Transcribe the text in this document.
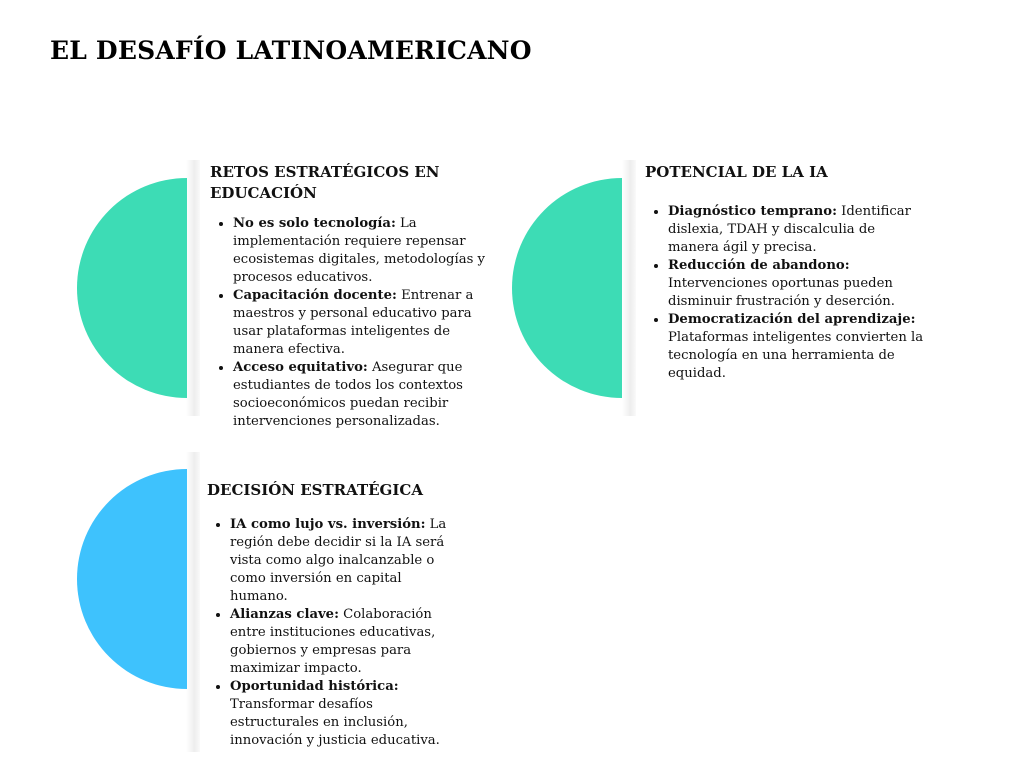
EL DESAFÍO LATINOAMERICANO
RETOS ESTRATÉGICOS EN EDUCACIÓN
No es solo tecnología: La implementación requiere repensar ecosistemas digitales, metodologías y procesos educativos.
Capacitación docente: Entrenar a maestros y personal educativo para usar plataformas inteligentes de manera efectiva.
Acceso equitativo: Asegurar que estudiantes de todos los contextos socioeconómicos puedan recibir intervenciones personalizadas.
POTENCIAL DE LA IA
Diagnóstico temprano: Identificar dislexia, TDAH y discalculia de manera ágil y precisa.
Reducción de abandono: Intervenciones oportunas pueden disminuir frustración y deserción.
Democratización del aprendizaje: Plataformas inteligentes convierten la tecnología en una herramienta de equidad.
DECISIÓN ESTRATÉGICA
IA como lujo vs. inversión: La región debe decidir si la IA será vista como algo inalcanzable o como inversión en capital humano.
Alianzas clave: Colaboración entre instituciones educativas, gobiernos y empresas para maximizar impacto.
Oportunidad histórica: Transformar desafíos estructurales en inclusión, innovación y justicia educativa.
